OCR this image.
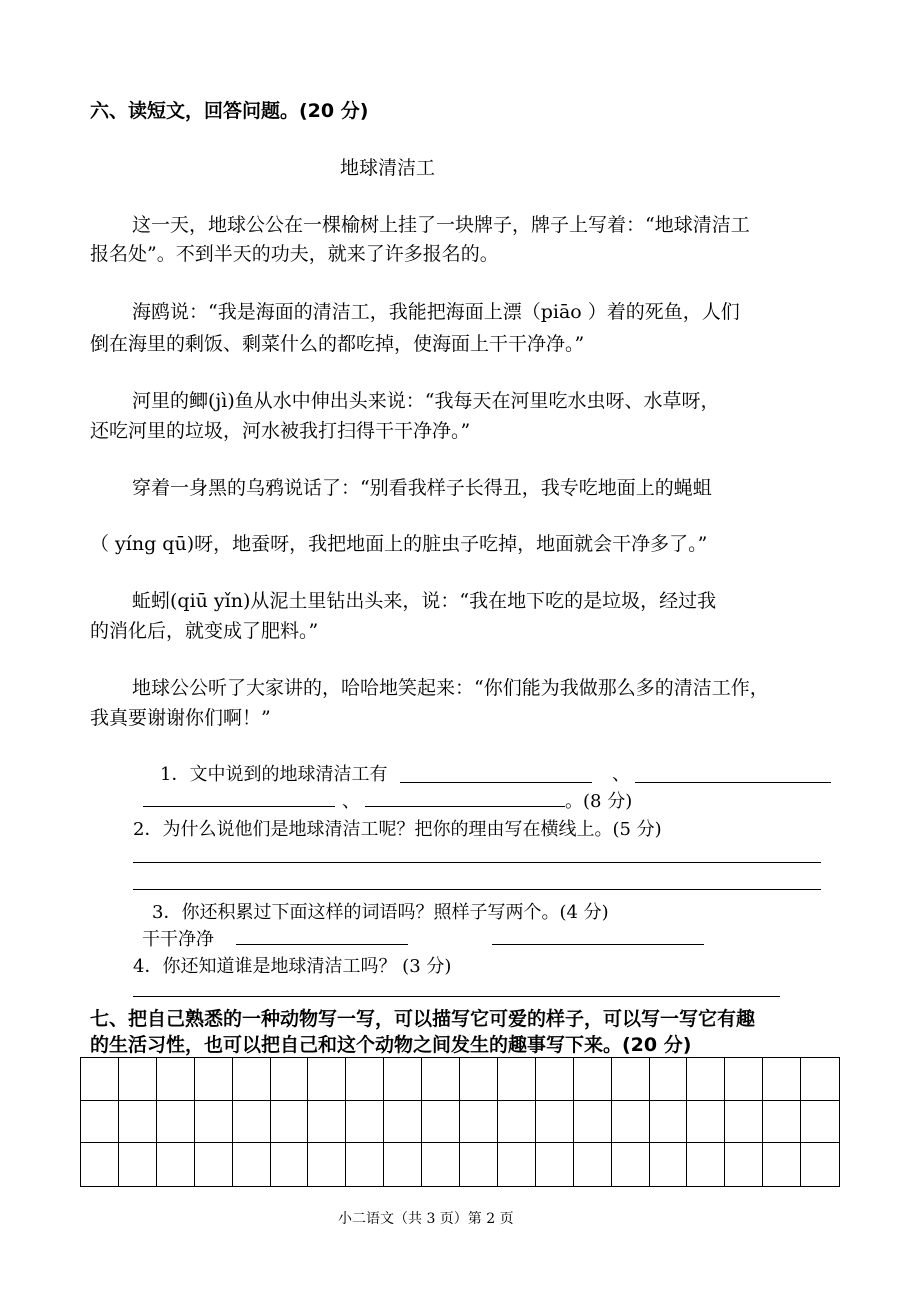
六、读短文，回答问题。(20 分)
地球清洁工
这一天，地球公公在一棵榆树上挂了一块牌子，牌子上写着：“地球清洁工
报名处”。不到半天的功夫，就来了许多报名的。
海鸥说：“我是海面的清洁工，我能把海面上漂（piāo ）着的死鱼，人们
倒在海里的剩饭、剩菜什么的都吃掉，使海面上干干净净。”
河里的鲫(jì)鱼从水中伸出头来说：“我每天在河里吃水虫呀、水草呀，
还吃河里的垃圾，河水被我打扫得干干净净。”
穿着一身黑的乌鸦说话了：“别看我样子长得丑，我专吃地面上的蝇蛆
（ yíng qū)呀，地蚕呀，我把地面上的脏虫子吃掉，地面就会干净多了。”
蚯蚓(qiū yǐn)从泥土里钻出头来，说：“我在地下吃的是垃圾，经过我
的消化后，就变成了肥料。”
地球公公听了大家讲的，哈哈地笑起来：“你们能为我做那么多的清洁工作，
我真要谢谢你们啊！”
1．文中说到的地球清洁工有	、
、	。(8 分)
2．为什么说他们是地球清洁工呢？把你的理由写在横线上。(5 分)
3．你还积累过下面这样的词语吗？照样子写两个。(4 分)
干干净净
4．你还知道谁是地球清洁工吗？ (3 分)
七、把自己熟悉的一种动物写一写，可以描写它可爱的样子，可以写一写它有趣
的生活习性，也可以把自己和这个动物之间发生的趣事写下来。(20 分)
小二语文（共 3 页）第 2 页
